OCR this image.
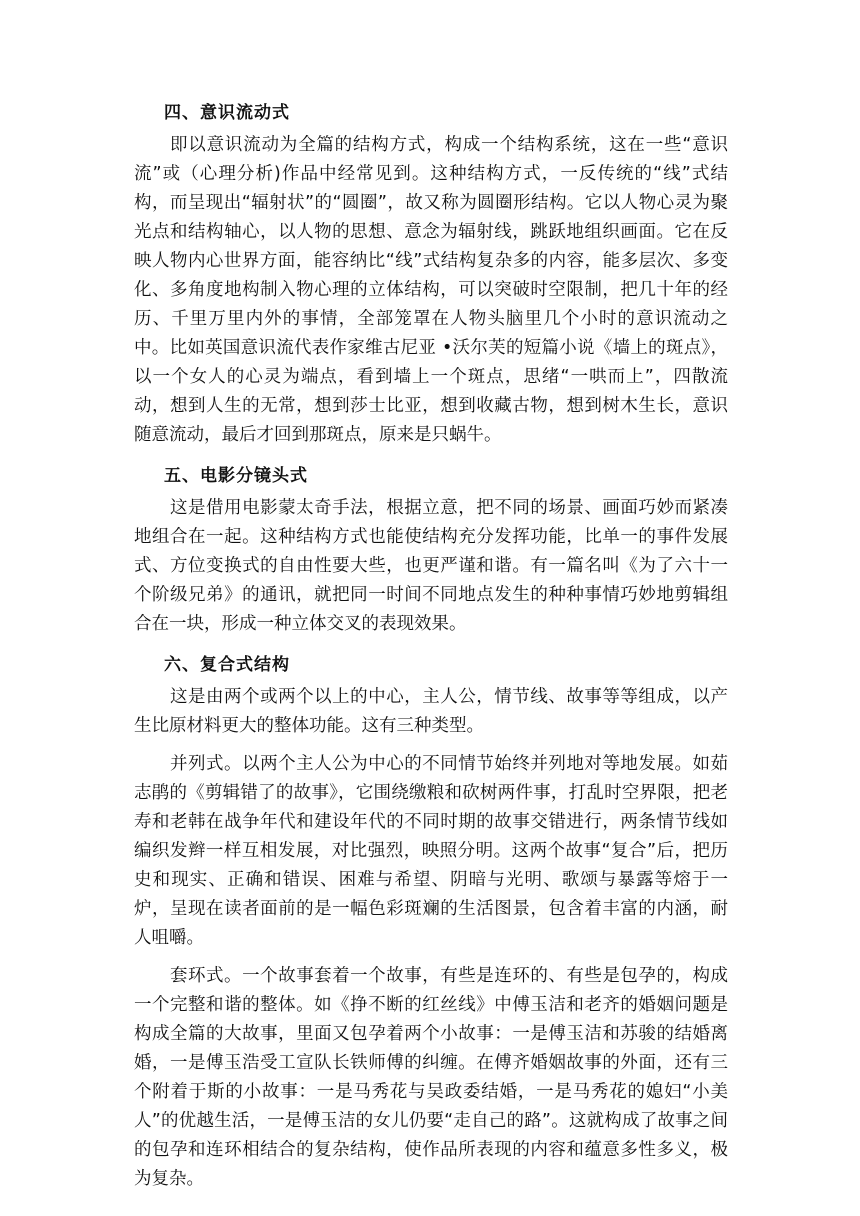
四、意识流动式

即以意识流动为全篇的结构方式，构成一个结构系统，这在一些“意识流”或（心理分析)作品中经常见到。这种结构方式，一反传统的“线”式结构，而呈现出“辐射状”的“圆圈”，故又称为圆圈形结构。它以人物心灵为聚光点和结构轴心，以人物的思想、意念为辐射线，跳跃地组织画面。它在反映人物内心世界方面，能容纳比“线”式结构复杂多的内容，能多层次、多变化、多角度地构制入物心理的立体结构，可以突破时空限制，把几十年的经历、千里万里内外的事情，全部笼罩在人物头脑里几个小时的意识流动之中。比如英国意识流代表作家维古尼亚 •沃尔芙的短篇小说《墙上的斑点》，以一个女人的心灵为端点，看到墙上一个斑点，思绪“一哄而上”，四散流动，想到人生的无常，想到莎士比亚，想到收藏古物，想到树木生长，意识随意流动，最后才回到那斑点，原来是只蜗牛。

五、电影分镜头式

这是借用电影蒙太奇手法，根据立意，把不同的场景、画面巧妙而紧凑地组合在一起。这种结构方式也能使结构充分发挥功能，比单一的事件发展式、方位变换式的自由性要大些，也更严谨和谐。有一篇名叫《为了六十一个阶级兄弟》的通讯，就把同一时间不同地点发生的种种事情巧妙地剪辑组合在一块，形成一种立体交叉的表现效果。

六、复合式结构

这是由两个或两个以上的中心，主人公，情节线、故事等等组成，以产生比原材料更大的整体功能。这有三种类型。

并列式。以两个主人公为中心的不同情节始终并列地对等地发展。如茹志鹃的《剪辑错了的故事》，它围绕缴粮和砍树两件事，打乱时空界限，把老寿和老韩在战争年代和建设年代的不同时期的故事交错进行，两条情节线如编织发辫一样互相发展，对比强烈，映照分明。这两个故事“复合”后，把历史和现实、正确和错误、困难与希望、阴暗与光明、歌颂与暴露等熔于一炉，呈现在读者面前的是一幅色彩斑斓的生活图景，包含着丰富的内涵，耐人咀嚼。

套环式。一个故事套着一个故事，有些是连环的、有些是包孕的，构成一个完整和谐的整体。如《挣不断的红丝线》中傅玉洁和老齐的婚姻问题是构成全篇的大故事，里面又包孕着两个小故事：一是傅玉洁和苏骏的结婚离婚，一是傅玉浩受工宣队长铁师傅的纠缠。在傅齐婚姻故事的外面，还有三个附着于斯的小故事：一是马秀花与吴政委结婚，一是马秀花的媳妇“小美人”的优越生活，一是傅玉洁的女儿仍要“走自己的路”。这就构成了故事之间的包孕和连环相结合的复杂结构，使作品所表现的内容和蕴意多性多义，极为复杂。
